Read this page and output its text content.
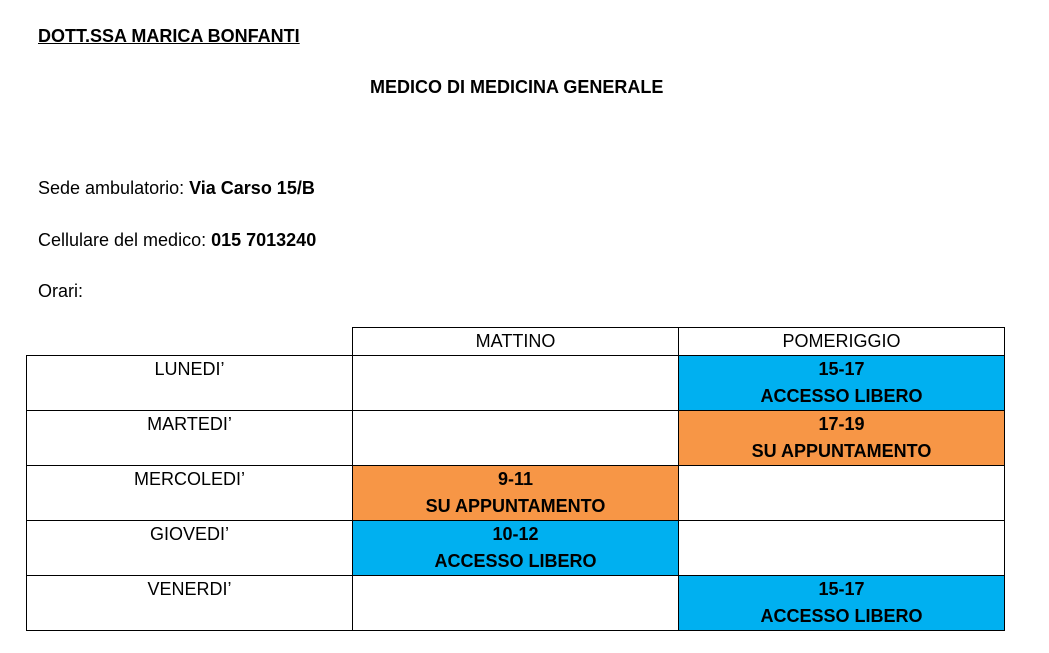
DOTT.SSA MARICA BONFANTI
MEDICO DI MEDICINA GENERALE
Sede ambulatorio: Via Carso 15/B
Cellulare del medico: 015 7013240
Orari:
	MATTINO	POMERIGGIO
LUNEDI’		15-17
ACCESSO LIBERO

MARTEDI’		17-19
SU APPUNTAMENTO

MERCOLEDI’	9-11
SU APPUNTAMENTO	

GIOVEDI’	10-12
ACCESSO LIBERO	

VENERDI’		15-17
ACCESSO LIBERO
